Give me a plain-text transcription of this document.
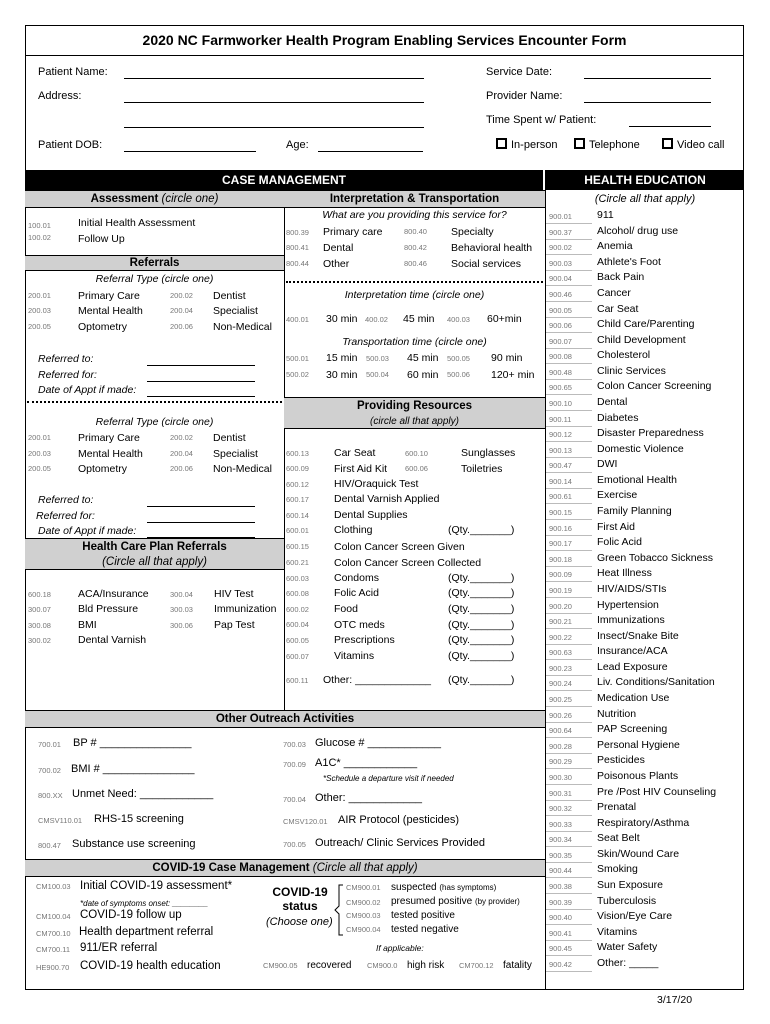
2020 NC Farmworker Health Program Enabling Services Encounter Form
Patient Name:	Service Date:
Address:	Provider Name:
Time Spent w/ Patient:
Patient DOB:	Age:	In-person	Telephone	Video call
CASE MANAGEMENT	HEALTH EDUCATION
Assessment (circle one)
100.01	Initial Health Assessment
100.02	Follow Up
Referrals
Referral Type (circle one)
200.01	Primary Care	200.02 Dentist
200.03	Mental Health	200.04 Specialist
200.05	Optometry	200.06 Non-Medical
Referred to:
Referred for:
Date of Appt if made:
Referral Type (circle one)
200.01	Primary Care	200.02 Dentist
200.03	Mental Health	200.04 Specialist
200.05	Optometry	200.06 Non-Medical
Referred to:
Referred for:
Date of Appt if made:
Health Care Plan Referrals
(Circle all that apply)
600.18	ACA/Insurance	300.04 HIV Test
300.07	Bld Pressure	300.03 Immunization
300.08	BMI	300.06 Pap Test
300.02	Dental Varnish
Interpretation & Transportation
What are you providing this service for?
800.39 Primary care	800.40 Specialty
800.41 Dental	800.42 Behavioral health
800.44 Other	800.46 Social services
Interpretation time (circle one)
400.01 30 min 400.02 45 min 400.03 60+min
Transportation time (circle one)
500.01 15 min 500.03 45 min 500.05 90 min
500.02 30 min 500.04 60 min 500.06 120+ min
Providing Resources
(circle all that apply)
600.13 Car Seat	600.10	Sunglasses
600.09 First Aid Kit 600.06	Toiletries
600.12 HIV/Oraquick Test
600.17 Dental Varnish Applied
600.14 Dental Supplies
600.01 Clothing	(Qty._______)
600.15 Colon Cancer Screen Given
600.21 Colon Cancer Screen Collected
600.03 Condoms	(Qty._______)
600.08 Folic Acid	(Qty._______)
600.02 Food	(Qty._______)
600.04 OTC meds	(Qty._______)
600.05 Prescriptions	(Qty._______)
600.07 Vitamins	(Qty._______)
600.11 Other: _____________ (Qty._______)
(Circle all that apply)
900.01 911
900.37 Alcohol/ drug use
900.02 Anemia
900.03 Athlete's Foot
900.04 Back Pain
900.46 Cancer
900.05 Car Seat
900.06 Child Care/Parenting
900.07 Child Development
900.08 Cholesterol
900.48 Clinic Services
900.65 Colon Cancer Screening
900.10 Dental
900.11 Diabetes
900.12 Disaster Preparedness
900.13 Domestic Violence
900.47 DWI
900.14 Emotional Health
900.61 Exercise
900.15 Family Planning
900.16 First Aid
900.17 Folic Acid
900.18 Green Tobacco Sickness
900.09 Heat Illness
900.19 HIV/AIDS/STIs
900.20 Hypertension
900.21 Immunizations
900.22 Insect/Snake Bite
900.63 Insurance/ACA
900.23 Lead Exposure
900.24 Liv. Conditions/Sanitation
900.25 Medication Use
900.26 Nutrition
900.64 PAP Screening
900.28 Personal Hygiene
900.29 Pesticides
900.30 Poisonous Plants
900.31 Pre /Post HIV Counseling
900.32 Prenatal
900.33 Respiratory/Asthma
900.34 Seat Belt
900.35 Skin/Wound Care
900.44 Smoking
900.38 Sun Exposure
900.39 Tuberculosis
900.40 Vision/Eye Care
900.41 Vitamins
900.45 Water Safety
900.42 Other: _____
Other Outreach Activities
700.01 BP # _______________
700.02 BMI # _______________
800.XX Unmet Need: ____________
CMSV110.01 RHS-15 screening
800.47 Substance use screening
700.03 Glucose # ____________
700.09 A1C* ____________
*Schedule a departure visit if needed
700.04 Other: ____________
CMSV120.01 AIR Protocol (pesticides)
700.05 Outreach/ Clinic Services Provided
COVID-19 Case Management (Circle all that apply)
CM100.03 Initial COVID-19 assessment*
*date of symptoms onset: ________
CM100.04 COVID-19 follow up
CM700.10 Health department referral
CM700.11 911/ER referral
HE900.70 COVID-19 health education
COVID-19 status
(Choose one)
CM900.01 suspected (has symptoms)
CM900.02 presumed positive (by provider)
CM900.03 tested positive
CM900.04 tested negative
If applicable:
CM900.05 recovered CM900.0 high risk CM700.12 fatality
3/17/20
